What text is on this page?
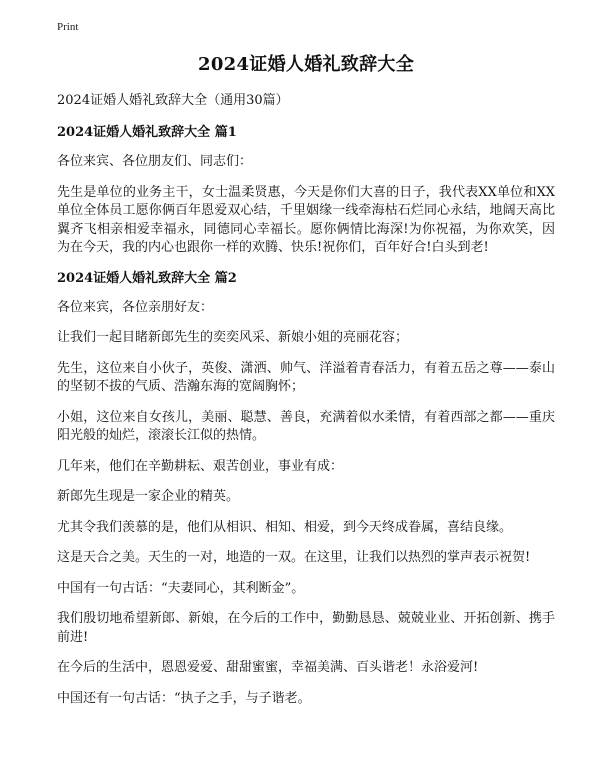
Print
2024证婚人婚礼致辞大全

2024证婚人婚礼致辞大全（通用30篇）

2024证婚人婚礼致辞大全 篇1

各位来宾、各位朋友们、同志们：

先生是单位的业务主干，女士温柔贤惠，今天是你们大喜的日子，我代表XX单位和XX单位全体员工愿你俩百年恩爱双心结，千里姻缘一线牵海枯石烂同心永结，地阔天高比翼齐飞相亲相爱幸福永，同德同心幸福长。愿你俩情比海深!为你祝福，为你欢笑，因为在今天，我的内心也跟你一样的欢腾、快乐!祝你们，百年好合!白头到老!

2024证婚人婚礼致辞大全 篇2

各位来宾，各位亲朋好友：

让我们一起目睹新郎先生的奕奕风采、新娘小姐的亮丽花容；

先生，这位来自小伙子，英俊、潇洒、帅气、洋溢着青春活力，有着五岳之尊——泰山的坚韧不拔的气质、浩瀚东海的宽阔胸怀；

小姐，这位来自女孩儿，美丽、聪慧、善良，充满着似水柔情，有着西部之都——重庆阳光般的灿烂，滚滚长江似的热情。

几年来，他们在辛勤耕耘、艰苦创业，事业有成：

新郎先生现是一家企业的精英。

尤其令我们羡慕的是，他们从相识、相知、相爱，到今天终成眷属，喜结良缘。

这是天合之美。天生的一对，地造的一双。在这里，让我们以热烈的掌声表示祝贺!

中国有一句古话：“夫妻同心，其利断金”。

我们殷切地希望新郎、新娘，在今后的工作中，勤勤恳恳、兢兢业业、开拓创新、携手前进!

在今后的生活中，恩恩爱爱、甜甜蜜蜜，幸福美满、百头谐老！永浴爱河!

中国还有一句古话：“执子之手，与子谐老。
